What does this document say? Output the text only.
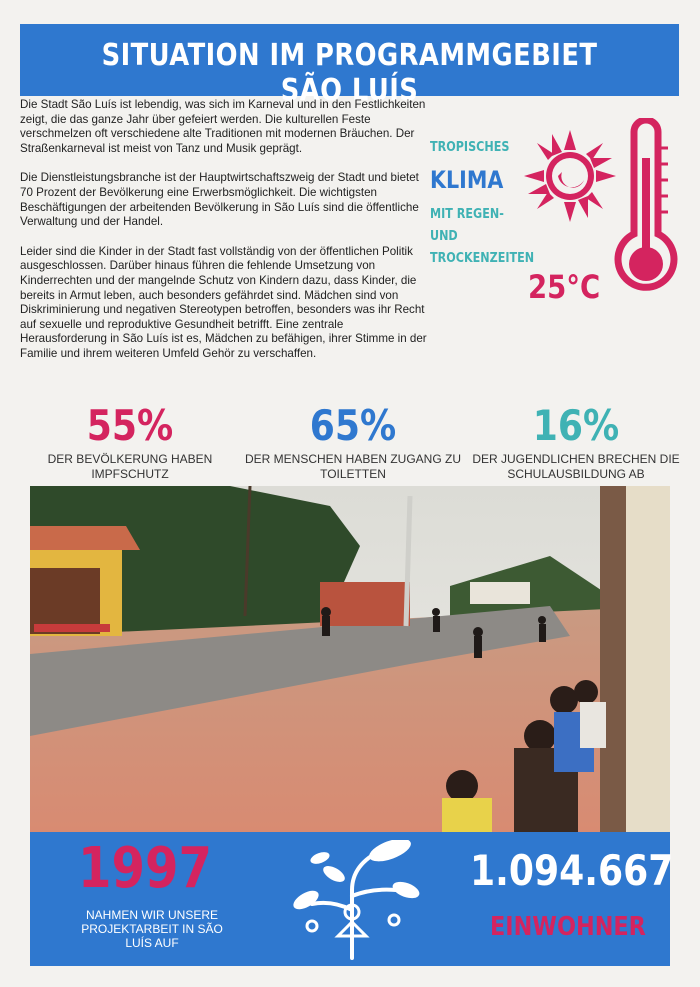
SITUATION IM PROGRAMMGEBIET SÃO LUÍS

Die Stadt São Luís ist lebendig, was sich im Karneval und in den Festlichkeiten zeigt, die das ganze Jahr über gefeiert werden. Die kulturellen Feste verschmelzen oft verschiedene alte Traditionen mit modernen Bräuchen. Der Straßenkarneval ist meist von Tanz und Musik geprägt.

Die Dienstleistungsbranche ist der Hauptwirtschaftszweig der Stadt und bietet 70 Prozent der Bevölkerung eine Erwerbsmöglichkeit. Die wichtigsten Beschäftigungen der arbeitenden Bevölkerung in São Luís sind die öffentliche Verwaltung und der Handel.

Leider sind die Kinder in der Stadt fast vollständig von der öffentlichen Politik ausgeschlossen. Darüber hinaus führen die fehlende Umsetzung von Kinderrechten und der mangelnde Schutz von Kindern dazu, dass Kinder, die bereits in Armut leben, auch besonders gefährdet sind. Mädchen sind von Diskriminierung und negativen Stereotypen betroffen, besonders was ihr Recht auf sexuelle und reproduktive Gesundheit betrifft. Eine zentrale Herausforderung in São Luís ist es, Mädchen zu befähigen, ihrer Stimme in der Familie und ihrem weiteren Umfeld Gehör zu verschaffen.

TROPISCHES
KLIMA
MIT REGEN- UND TROCKENZEITEN
25°C
55%
DER BEVÖLKERUNG HABEN IMPFSCHUTZ
65%
DER MENSCHEN HABEN ZUGANG ZU TOILETTEN
16%
DER JUGENDLICHEN BRECHEN DIE SCHULAUSBILDUNG AB
1997
NAHMEN WIR UNSERE PROJEKTARBEIT IN SÃO LUÍS AUF
1.094.667
EINWOHNER
